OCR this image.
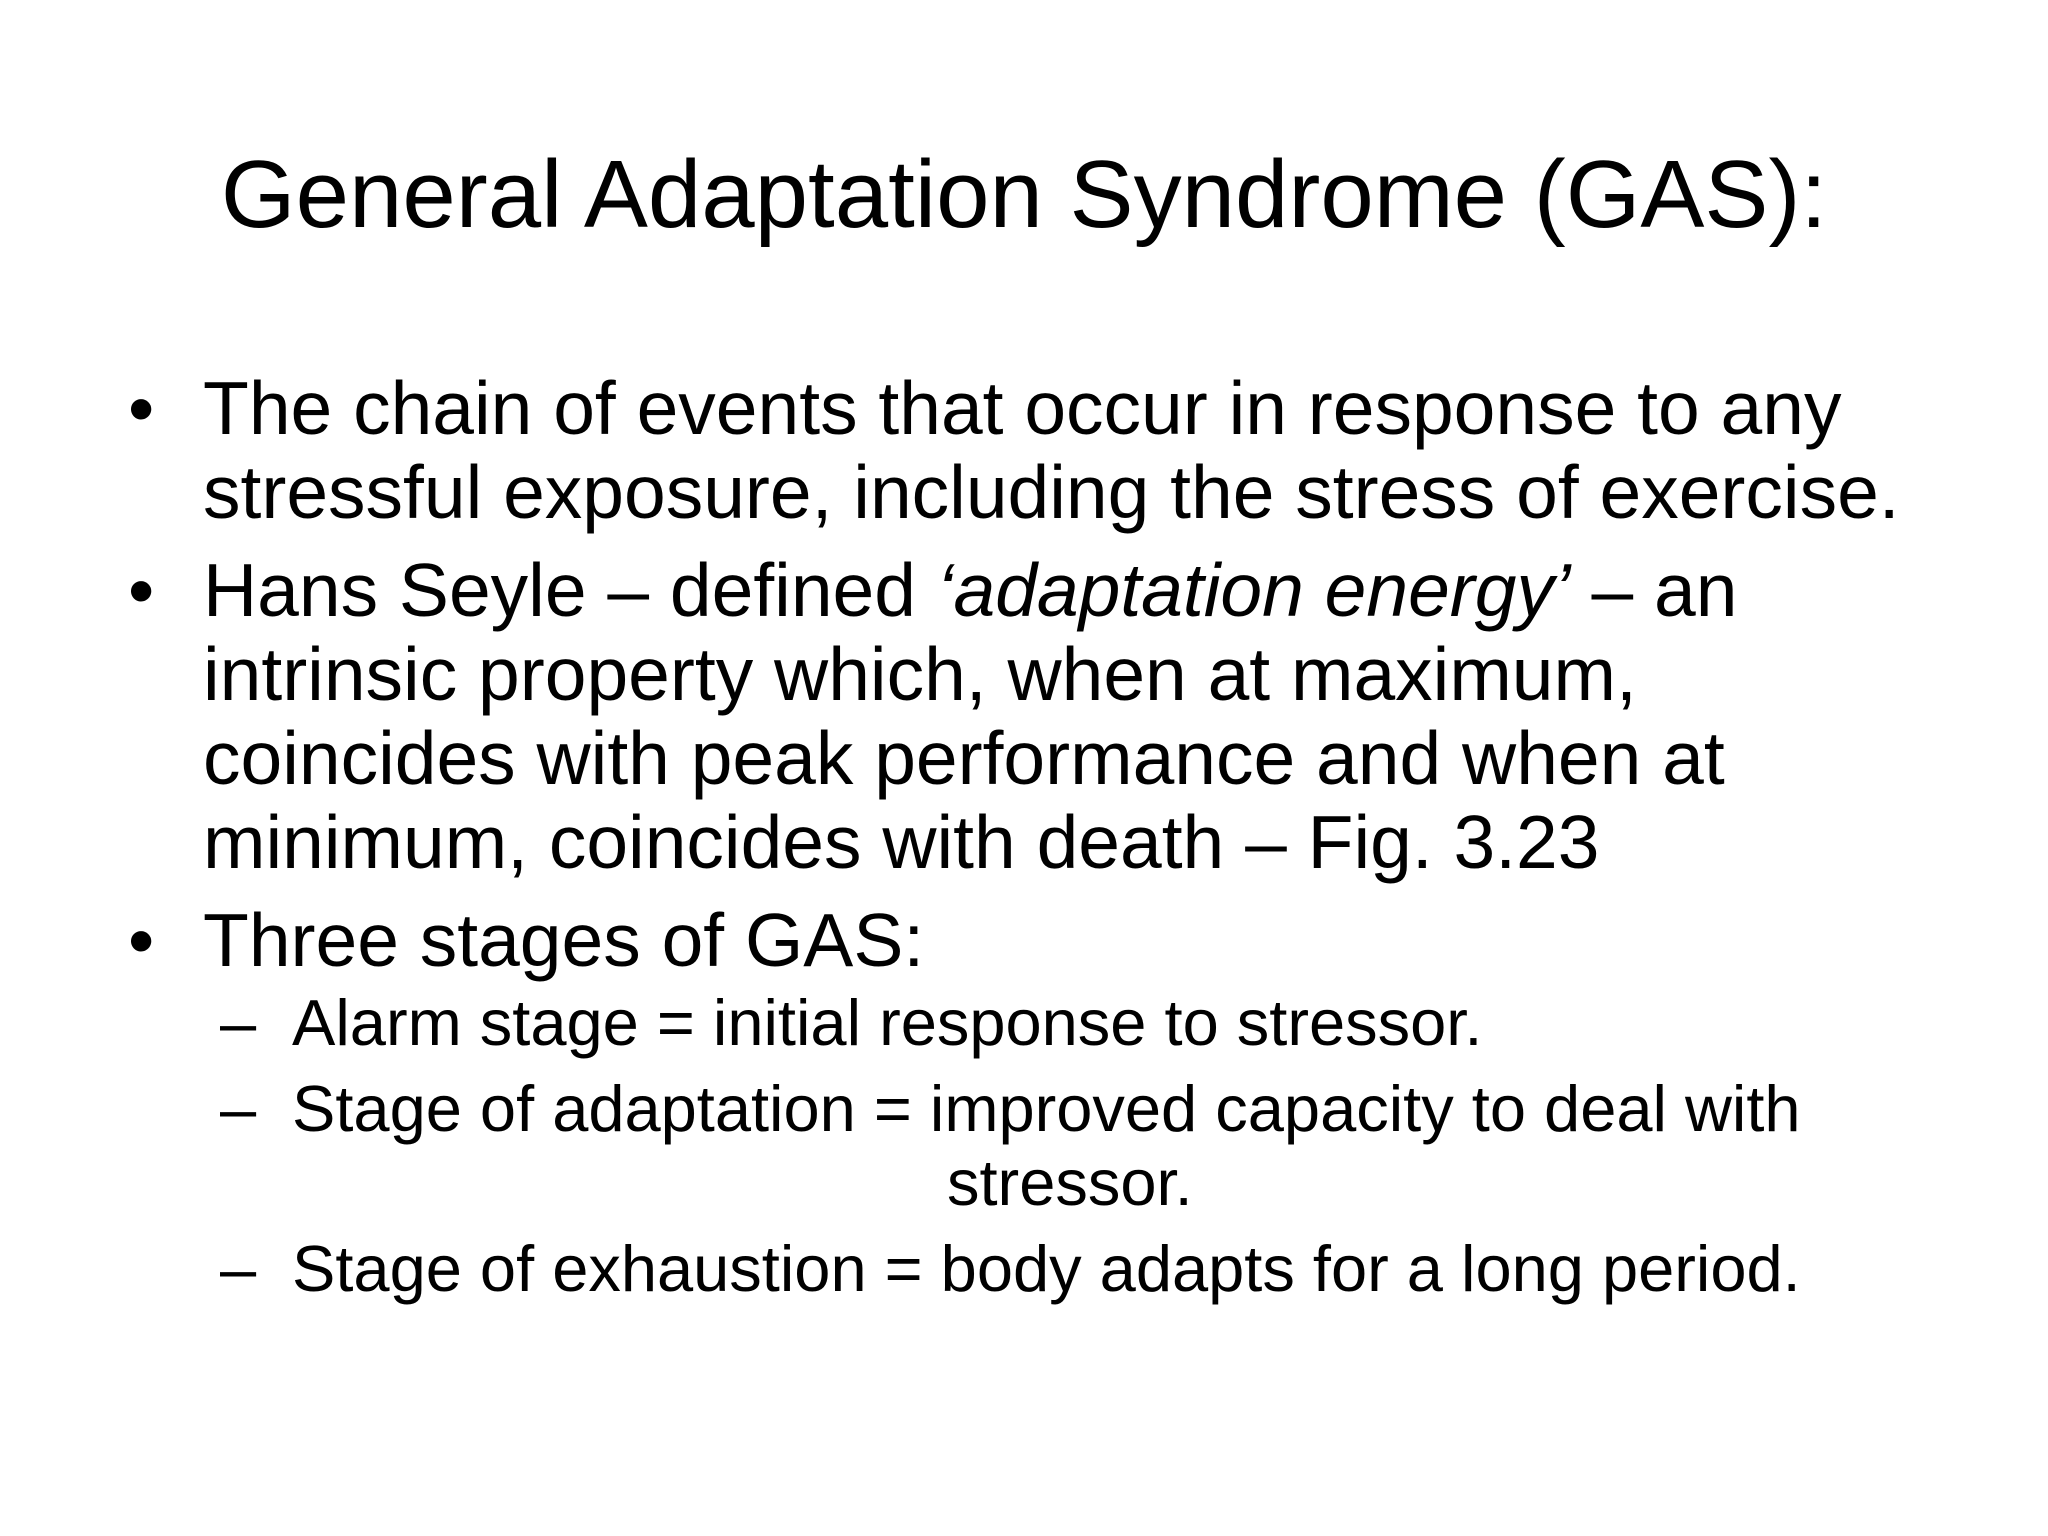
General Adaptation Syndrome (GAS):
• The chain of events that occur in response to any stressful exposure, including the stress of exercise.
• Hans Seyle – defined ‘adaptation energy’ – an intrinsic property which, when at maximum, coincides with peak performance and when at minimum, coincides with death – Fig. 3.23
• Three stages of GAS:
– Alarm stage = initial response to stressor.
– Stage of adaptation = improved capacity to deal with
stressor.
– Stage of exhaustion = body adapts for a long period.
